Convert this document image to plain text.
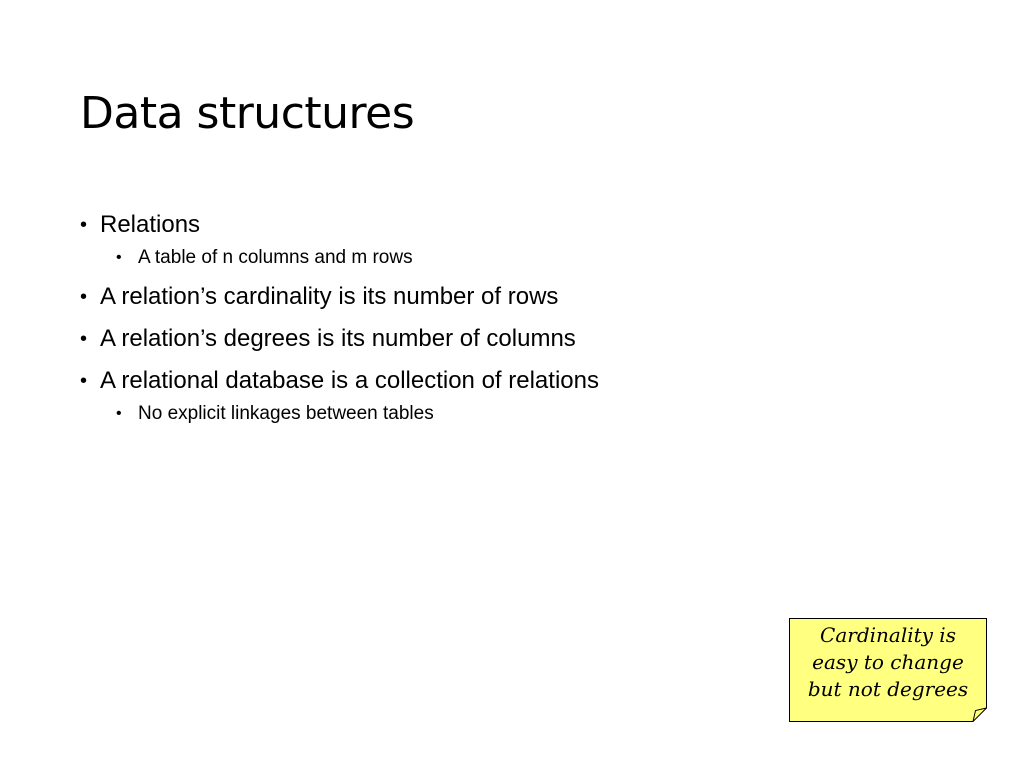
Data structures
• Relations
• A table of n columns and m rows
• A relation’s cardinality is its number of rows
• A relation’s degrees is its number of columns
• A relational database is a collection of relations
• No explicit linkages between tables
Cardinality is
easy to change
but not degrees
